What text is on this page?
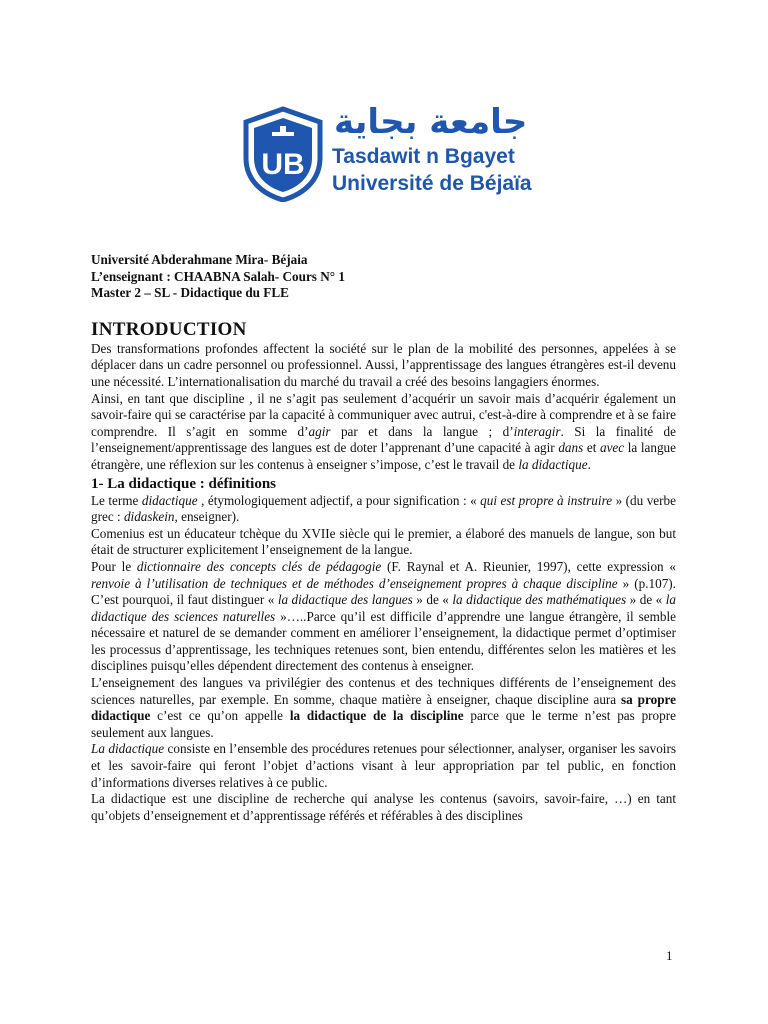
UB
جامعة بجاية
Tasdawit n Bgayet
Université de Béjaïa

Université Abderahmane Mira- Béjaia

L’enseignant : CHAABNA Salah- Cours N° 1

Master 2 – SL - Didactique du FLE

INTRODUCTION

Des transformations profondes affectent la société sur le plan de la mobilité des personnes, appelées à se déplacer dans un cadre personnel ou professionnel. Aussi, l’apprentissage des langues étrangères est-il devenu une nécessité. L’internationalisation du marché du travail a créé des besoins langagiers énormes.

Ainsi, en tant que discipline , il ne s’agit pas seulement d’acquérir un savoir mais d’acquérir également un savoir-faire qui se caractérise par la capacité à communiquer avec autrui, c'est-à-dire à comprendre et à se faire comprendre. Il s’agit en somme d’agir par et dans la langue ; d’interagir. Si la finalité de l’enseignement/apprentissage des langues est de doter l’apprenant d’une capacité à agir dans et avec la langue étrangère, une réflexion sur les contenus à enseigner s’impose, c’est le travail de la didactique.

1- La didactique : définitions

Le terme didactique , étymologiquement adjectif, a pour signification : « qui est propre à instruire » (du verbe grec : didaskein, enseigner).

Comenius est un éducateur tchèque du XVIIe siècle qui le premier, a élaboré des manuels de langue, son but était de structurer explicitement l’enseignement de la langue.

Pour le dictionnaire des concepts clés de pédagogie (F. Raynal et A. Rieunier, 1997), cette expression « renvoie à l’utilisation de techniques et de méthodes d’enseignement propres à chaque discipline » (p.107). C’est pourquoi, il faut distinguer « la didactique des langues » de « la didactique des mathématiques » de « la didactique des sciences naturelles »…..Parce qu’il est difficile d’apprendre une langue étrangère, il semble nécessaire et naturel de se demander comment en améliorer l’enseignement, la didactique permet d’optimiser les processus d’apprentissage, les techniques retenues sont, bien entendu, différentes selon les matières et les disciplines puisqu’elles dépendent directement des contenus à enseigner.

L’enseignement des langues va privilégier des contenus et des techniques différents de l’enseignement des sciences naturelles, par exemple. En somme, chaque matière à enseigner, chaque discipline aura sa propre didactique c’est ce qu’on appelle la didactique de la discipline parce que le terme n’est pas propre seulement aux langues.

La didactique consiste en l’ensemble des procédures retenues pour sélectionner, analyser, organiser les savoirs et les savoir-faire qui feront l’objet d’actions visant à leur appropriation par tel public, en fonction d’informations diverses relatives à ce public.

La didactique est une discipline de recherche qui analyse les contenus (savoirs, savoir-faire, …) en tant qu’objets d’enseignement et d’apprentissage référés et référables à des disciplines

1
